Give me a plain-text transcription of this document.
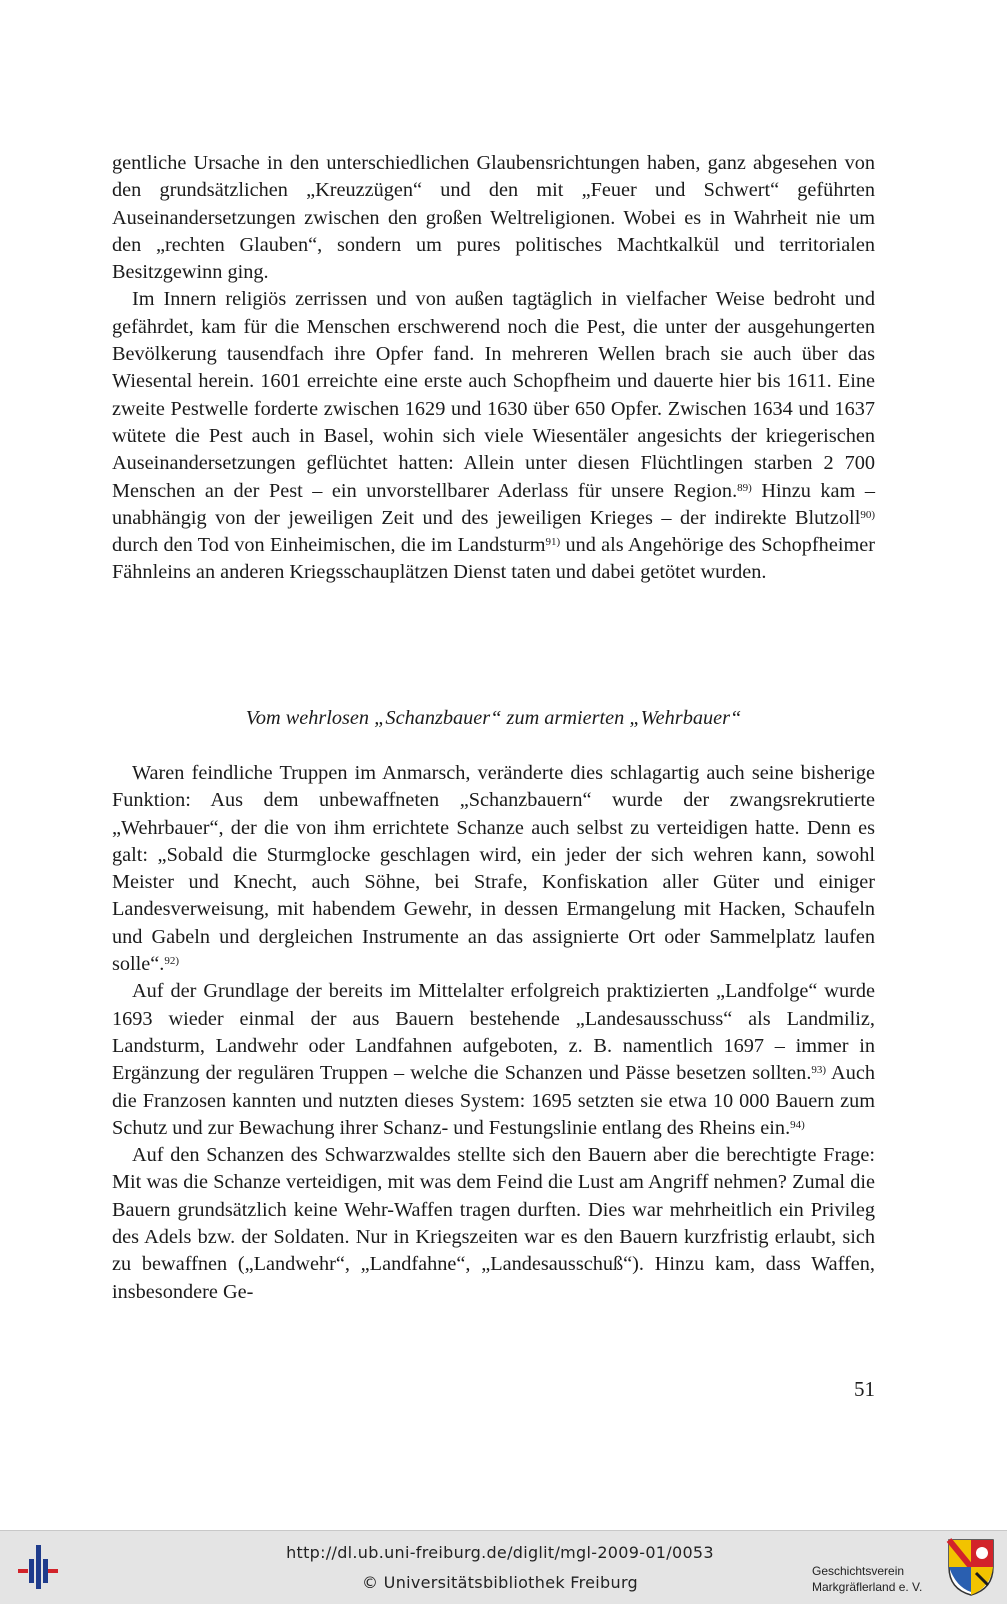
gentliche Ursache in den unterschiedlichen Glaubensrichtungen haben, ganz abgesehen von den grundsätzlichen „Kreuzzügen“ und den mit „Feuer und Schwert“ geführten Auseinandersetzungen zwischen den großen Weltreligionen. Wobei es in Wahrheit nie um den „rechten Glauben“, sondern um pures politisches Machtkalkül und territorialen Besitzgewinn ging.

Im Innern religiös zerrissen und von außen tagtäglich in vielfacher Weise bedroht und gefährdet, kam für die Menschen erschwerend noch die Pest, die unter der ausgehungerten Bevölkerung tausendfach ihre Opfer fand. In mehreren Wellen brach sie auch über das Wiesental herein. 1601 erreichte eine erste auch Schopfheim und dauerte hier bis 1611. Eine zweite Pestwelle forderte zwischen 1629 und 1630 über 650 Opfer. Zwischen 1634 und 1637 wütete die Pest auch in Basel, wohin sich viele Wiesentäler angesichts der kriegerischen Auseinandersetzungen geflüchtet hatten: Allein unter diesen Flüchtlingen starben 2 700 Menschen an der Pest – ein unvorstellbarer Aderlass für unsere Region.$^{89)}$ Hinzu kam – unabhängig von der jeweiligen Zeit und des jeweiligen Krieges – der indirekte Blutzoll$^{90)}$ durch den Tod von Einheimischen, die im Landsturm$^{91)}$ und als Angehörige des Schopfheimer Fähnleins an anderen Kriegsschauplätzen Dienst taten und dabei getötet wurden.

Vom wehrlosen „Schanzbauer“ zum armierten „Wehrbauer“

Waren feindliche Truppen im Anmarsch, veränderte dies schlagartig auch seine bisherige Funktion: Aus dem unbewaffneten „Schanzbauern“ wurde der zwangsrekrutierte „Wehrbauer“, der die von ihm errichtete Schanze auch selbst zu verteidigen hatte. Denn es galt: „Sobald die Sturmglocke geschlagen wird, ein jeder der sich wehren kann, sowohl Meister und Knecht, auch Söhne, bei Strafe, Konfiskation aller Güter und einiger Landesverweisung, mit habendem Gewehr, in dessen Ermangelung mit Hacken, Schaufeln und Gabeln und dergleichen Instrumente an das assignierte Ort oder Sammelplatz laufen solle“.$^{92)}$

Auf der Grundlage der bereits im Mittelalter erfolgreich praktizierten „Landfolge“ wurde 1693 wieder einmal der aus Bauern bestehende „Landesausschuss“ als Landmiliz, Landsturm, Landwehr oder Landfahnen aufgeboten, z. B. namentlich 1697 – immer in Ergänzung der regulären Truppen – welche die Schanzen und Pässe besetzen sollten.$^{93)}$ Auch die Franzosen kannten und nutzten dieses System: 1695 setzten sie etwa 10 000 Bauern zum Schutz und zur Bewachung ihrer Schanz- und Festungslinie entlang des Rheins ein.$^{94)}$

Auf den Schanzen des Schwarzwaldes stellte sich den Bauern aber die berechtigte Frage: Mit was die Schanze verteidigen, mit was dem Feind die Lust am Angriff nehmen? Zumal die Bauern grundsätzlich keine Wehr-Waffen tragen durften. Dies war mehrheitlich ein Privileg des Adels bzw. der Soldaten. Nur in Kriegszeiten war es den Bauern kurzfristig erlaubt, sich zu bewaffnen („Landwehr“, „Landfahne“, „Landesausschuß“). Hinzu kam, dass Waffen, insbesondere Ge-

51
http://dl.ub.uni-freiburg.de/diglit/mgl-2009-01/0053
© Universitätsbibliothek Freiburg
Geschichtsverein
Markgräflerland e. V.
